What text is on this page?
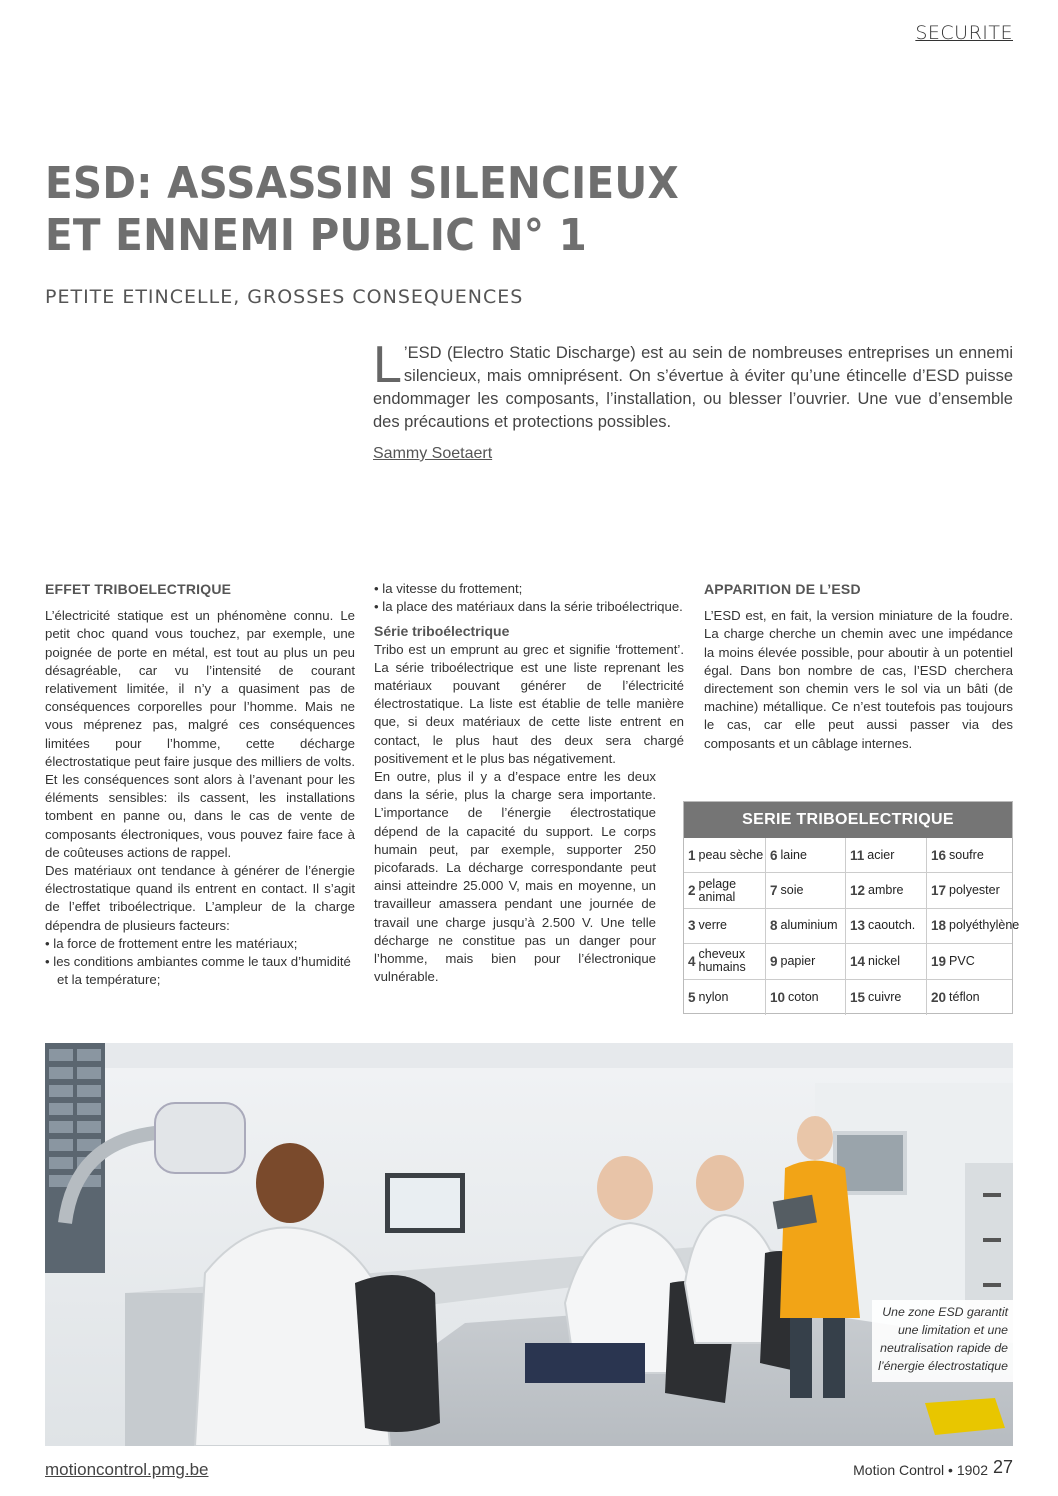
SECURITE
ESD: ASSASSIN SILENCIEUX
ET ENNEMI PUBLIC N° 1
PETITE ETINCELLE, GROSSES CONSEQUENCES
L ’ESD (Electro Static Discharge) est au sein de nombreuses entreprises un ennemi silencieux, mais omniprésent. On s’évertue à éviter qu’une étincelle d’ESD puisse endommager les composants, l’installation, ou blesser l’ouvrier. Une vue d’ensemble des précautions et protections possibles.
Sammy Soetaert
EFFET TRIBOELECTRIQUE

L’électricité statique est un phénomène connu. Le petit choc quand vous touchez, par exemple, une poignée de porte en métal, est tout au plus un peu désagréable, car vu l’intensité de courant relativement limitée, il n’y a quasiment pas de conséquences corporelles pour l’homme. Mais ne vous méprenez pas, malgré ces conséquences limitées pour l’homme, cette décharge électrostatique peut faire jusque des milliers de volts. Et les conséquences sont alors à l’avenant pour les éléments sensibles: ils cassent, les installations tombent en panne ou, dans le cas de vente de composants électroniques, vous pouvez faire face à de coûteuses actions de rappel.

Des matériaux ont tendance à générer de l’énergie électrostatique quand ils entrent en contact. Il s’agit de l’effet triboélectrique. L’ampleur de la charge dépendra de plusieurs facteurs:

• la force de frottement entre les matériaux;
• les conditions ambiantes comme le taux d’humidité et la température;
• la vitesse du frottement;
• la place des matériaux dans la série triboélectrique.
Série triboélectrique

Tribo est un emprunt au grec et signifie ‘frottement’. La série triboélectrique est une liste reprenant les matériaux pouvant générer de l’électricité électrostatique. La liste est établie de telle manière que, si deux matériaux de cette liste entrent en contact, le plus haut des deux sera chargé positivement et le plus bas négativement.

En outre, plus il y a d’espace entre les deux dans la série, plus la charge sera importante. L’importance de l’énergie électrostatique dépend de la capacité du support. Le corps humain peut, par exemple, supporter 250 picofarads. La décharge correspondante peut ainsi atteindre 25.000 V, mais en moyenne, un travailleur amassera pendant une journée de travail une charge jusqu’à 2.500 V. Une telle décharge ne constitue pas un danger pour l’homme, mais bien pour l’électronique vulnérable.

APPARITION DE L’ESD

L’ESD est, en fait, la version miniature de la foudre. La charge cherche un chemin avec une impédance la moins élevée possible, pour aboutir à un potentiel égal. Dans bon nombre de cas, l’ESD cherchera directement son chemin vers le sol via un bâti (de machine) métallique. Ce n’est toutefois pas toujours le cas, car elle peut aussi passer via des composants et un câblage internes.

SERIE TRIBOELECTRIQUE
1 peau sèche 6 laine	11 acier	16 soufre
2 pelage animal	7 soie	12 ambre 17 polyester
3 verre	8 aluminium 13 caoutch. 18 polyéthylène
4 cheveux humains	9 papier	14 nickel 19 PVC
5 nylon	10 coton 15 cuivre 20 téflon
Une zone ESD garantit une limitation et une neutralisation rapide de l’énergie électrostatique
motioncontrol.pmg.be	Motion Control • 1902 27
